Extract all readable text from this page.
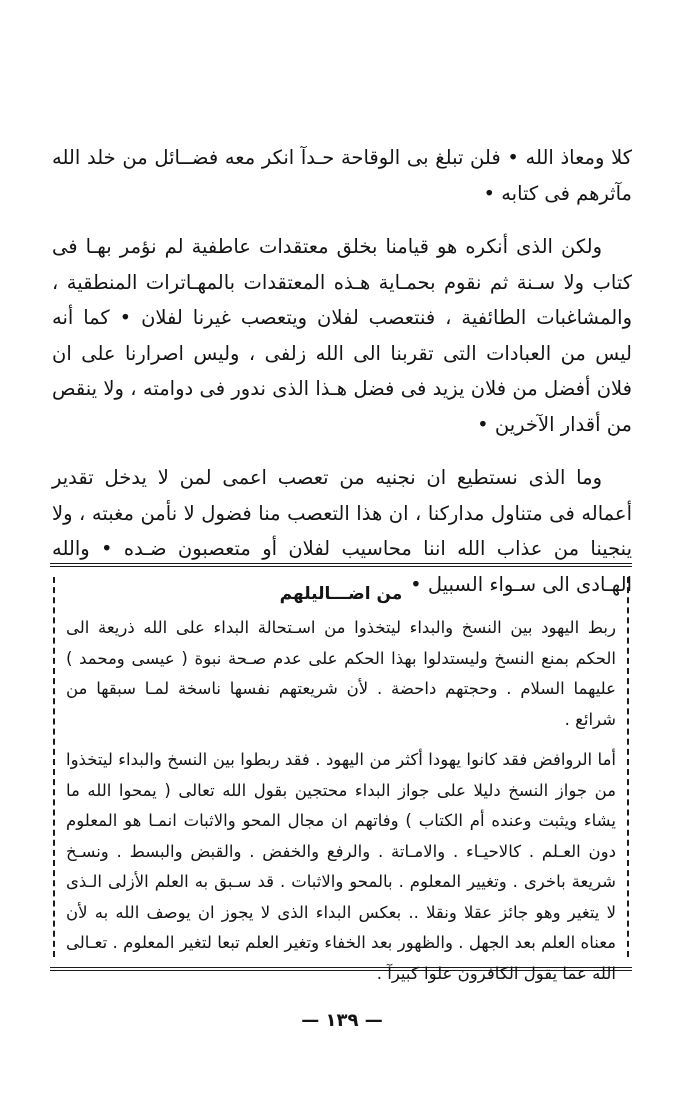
كلا ومعاذ الله • فلن تبلغ بى الوقاحة حـدآ انكر معه فضــائل من خلد الله مآثرهم فى كتابه •

ولكن الذى أنكره هو قيامنا بخلق معتقدات عاطفية لم نؤمر بهـا فى كتاب ولا سـنة ثم نقوم بحمـاية هـذه المعتقدات بالمهـاترات المنطقية ، والمشاغبات الطائفية ، فنتعصب لفلان ويتعصب غيرنا لفلان • كما أنه ليس من العبادات التى تقربنا الى الله زلفى ، وليس اصرارنا على ان فلان أفضل من فلان يزيد فى فضل هـذا الذى ندور فى دوامته ، ولا ينقص من أقدار الآخرين •

وما الذى نستطيع ان نجنيه من تعصب اعمى لمن لا يدخل تقدير أعماله فى متناول مداركنا ، ان هذا التعصب منا فضول لا نأمن مغبته ، ولا ينجينا من عذاب الله اننا محاسيب لفلان أو متعصبون ضـده • والله الهـادى الى سـواء السبيل •

من اضـــاليلهم

ربط اليهود بين النسخ والبداء ليتخذوا من اسـتحالة البداء على الله ذريعة الى الحكم بمنع النسخ وليستدلوا بهذا الحكم على عدم صـحة نبوة ( عيسى ومحمد ) عليهما السلام . وحجتهم داحضة . لأن شريعتهم نفسها ناسخة لمـا سبقها من شرائع .

أما الروافض فقد كانوا يهودا أكثر من اليهود . فقد ربطوا بين النسخ والبداء ليتخذوا من جواز النسخ دليلا على جواز البداء محتجين بقول الله تعالى ( يمحوا الله ما يشاء ويثبت وعنده أم الكتاب ) وفاتهم ان مجال المحو والاثبات انمـا هو المعلوم دون العـلم . كالاحيـاء . والامـاتة . والرفع والخفض . والقبض والبسط . ونسـخ شريعة باخرى . وتغيير المعلوم . بالمحو والاثبات . قد سـبق به العلم الأزلى الـذى لا يتغير وهو جائز عقلا ونقلا .. بعكس البداء الذى لا يجوز ان يوصف الله به لأن معناه العلم بعد الجهل . والظهور بعد الخفاء وتغير العلم تبعا لتغير المعلوم . تعـالى الله عما يقول الكافرون علوا كبيرآ .

— ١٣٩ —
